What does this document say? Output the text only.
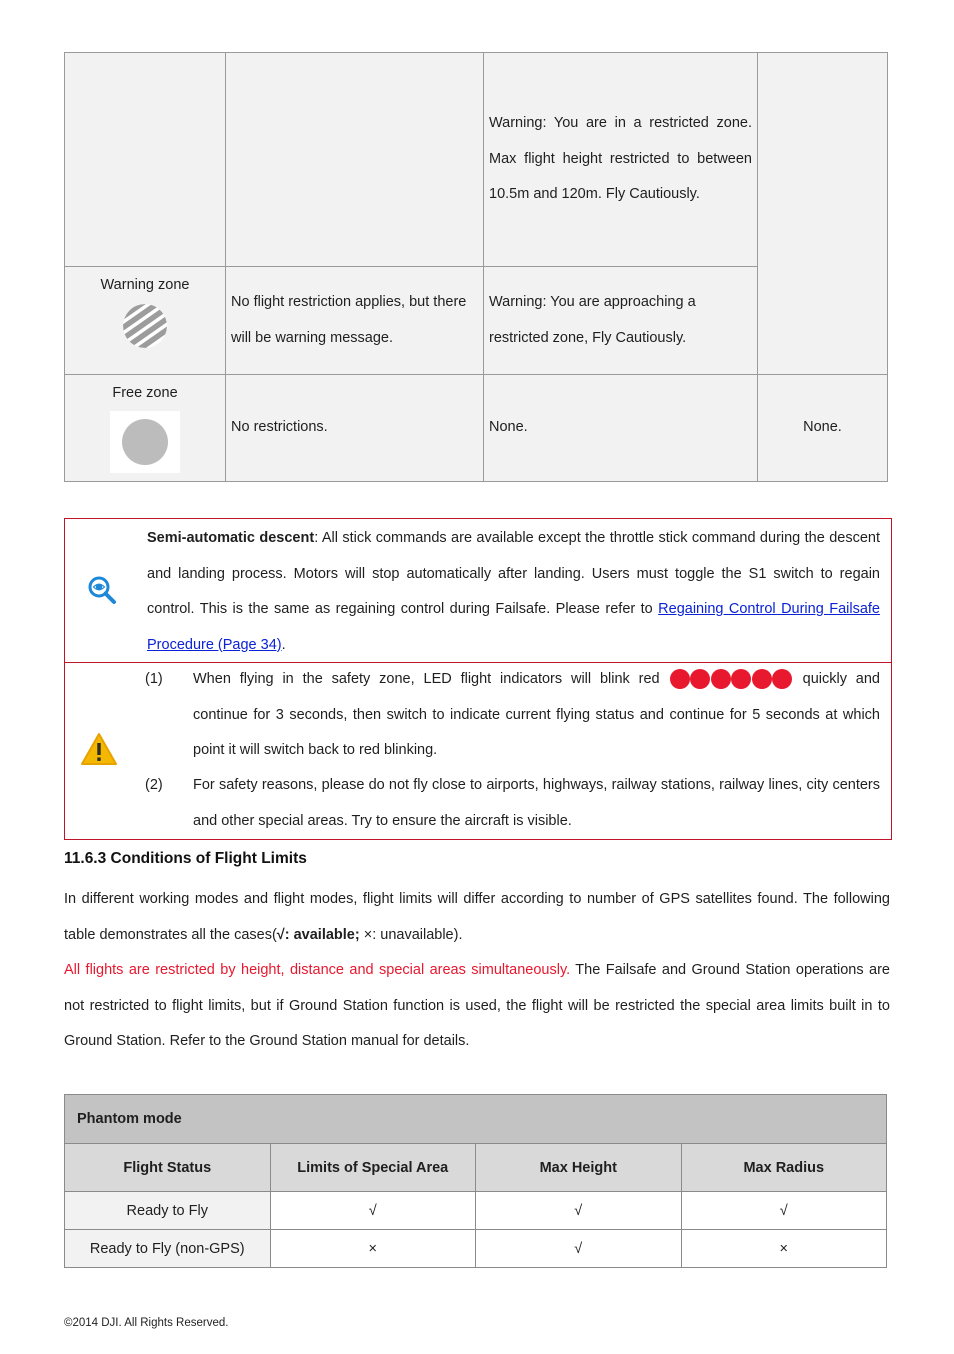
		Warning: You are in a restricted zone. Max flight height restricted to between 10.5m and 120m. Fly Cautiously.	

Warning zone	No flight restriction applies, but there will be warning message.	Warning: You are approaching a restricted zone, Fly Cautiously.	

Free zone	No restrictions.	None.	None.
Semi-automatic descent: All stick commands are available except the throttle stick command during the descent and landing process. Motors will stop automatically after landing. Users must toggle the S1 switch to regain control. This is the same as regaining control during Failsafe. Please refer to Regaining Control During Failsafe Procedure (Page 34).
(1) When flying in the safety zone, LED flight indicators will blink red	quickly and continue for 3 seconds, then switch to indicate current flying status and continue for 5 seconds at which point it will switch back to red blinking.
(2) For safety reasons, please do not fly close to airports, highways, railway stations, railway lines, city centers and other special areas. Try to ensure the aircraft is visible.
11.6.3 Conditions of Flight Limits
In different working modes and flight modes, flight limits will differ according to number of GPS satellites found. The following table demonstrates all the cases(√: available; ×: unavailable).
All flights are restricted by height, distance and special areas simultaneously. The Failsafe and Ground Station operations are not restricted to flight limits, but if Ground Station function is used, the flight will be restricted the special area limits built in to Ground Station. Refer to the Ground Station manual for details.
Phantom mode			
Flight Status	Limits of Special Area	Max Height	Max Radius
Ready to Fly	√	√	√
Ready to Fly (non-GPS)	×	√	×
©2014 DJI. All Rights Reserved.
